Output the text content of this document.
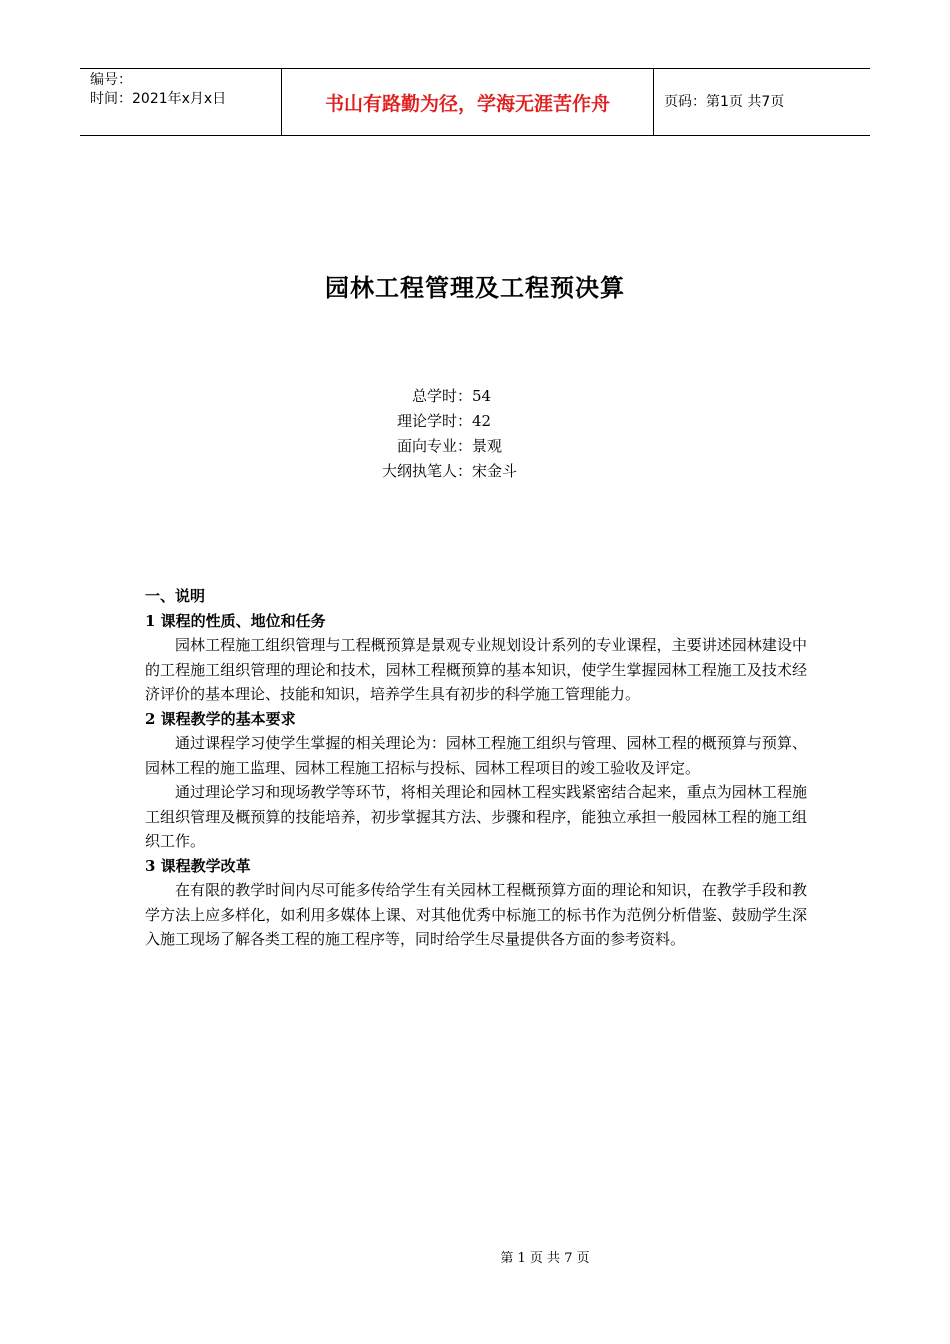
编号：
时间：2021年x月x日	书山有路勤为径，学海无涯苦作舟	页码：第1页 共7页
园林工程管理及工程预决算
总学时： 54
理论学时： 42
面向专业： 景观
大纲执笔人： 宋金斗

一、说明

1 课程的性质、地位和任务

园林工程施工组织管理与工程概预算是景观专业规划设计系列的专业课程，主要讲述园林建设中的工程施工组织管理的理论和技术，园林工程概预算的基本知识，使学生掌握园林工程施工及技术经济评价的基本理论、技能和知识，培养学生具有初步的科学施工管理能力。

2 课程教学的基本要求

通过课程学习使学生掌握的相关理论为：园林工程施工组织与管理、园林工程的概预算与预算、园林工程的施工监理、园林工程施工招标与投标、园林工程项目的竣工验收及评定。

通过理论学习和现场教学等环节，将相关理论和园林工程实践紧密结合起来，重点为园林工程施工组织管理及概预算的技能培养，初步掌握其方法、步骤和程序，能独立承担一般园林工程的施工组织工作。

3 课程教学改革

在有限的教学时间内尽可能多传给学生有关园林工程概预算方面的理论和知识，在教学手段和教学方法上应多样化，如利用多媒体上课、对其他优秀中标施工的标书作为范例分析借鉴、鼓励学生深入施工现场了解各类工程的施工程序等，同时给学生尽量提供各方面的参考资料。

第 1 页 共 7 页
